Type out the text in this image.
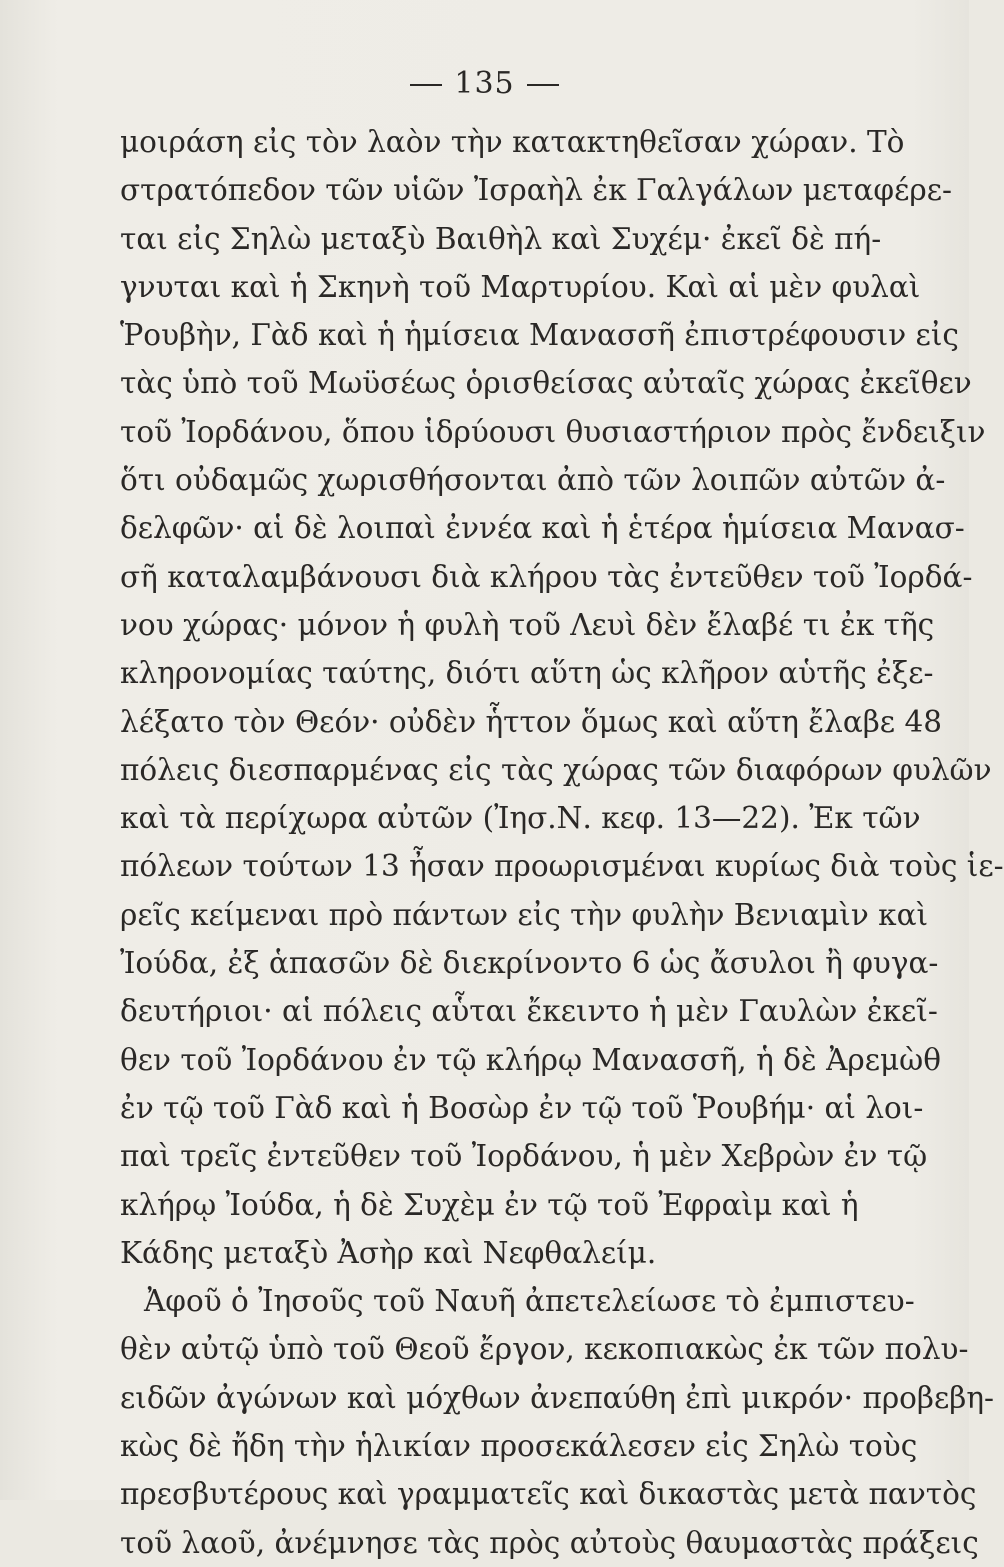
135
μοιράση εἰς τὸν λαὸν τὴν κατακτηθεῖσαν χώραν. Τὸ
στρατόπεδον τῶν υἱῶν Ἰσραὴλ ἐκ Γαλγάλων μεταφέρε-
ται εἰς Σηλὼ μεταξὺ Βαιθὴλ καὶ Συχέμ· ἐκεῖ δὲ πή-
γνυται καὶ ἡ Σκηνὴ τοῦ Μαρτυρίου. Καὶ αἱ μὲν φυλαὶ
Ῥουβὴν, Γὰδ καὶ ἡ ἡμίσεια Μανασσῆ ἐπιστρέφουσιν εἰς
τὰς ὑπὸ τοῦ Μωϋσέως ὁρισθείσας αὐταῖς χώρας ἐκεῖθεν
τοῦ Ἰορδάνου, ὅπου ἱδρύουσι θυσιαστήριον πρὸς ἔνδειξιν
ὅτι οὐδαμῶς χωρισθήσονται ἀπὸ τῶν λοιπῶν αὐτῶν ἀ-
δελφῶν· αἱ δὲ λοιπαὶ ἐννέα καὶ ἡ ἑτέρα ἡμίσεια Μανασ-
σῆ καταλαμβάνουσι διὰ κλήρου τὰς ἐντεῦθεν τοῦ Ἰορδά-
νου χώρας· μόνον ἡ φυλὴ τοῦ Λευὶ δὲν ἔλαβέ τι ἐκ τῆς
κληρονομίας ταύτης, διότι αὕτη ὡς κλῆρον αὑτῆς ἐξε-
λέξατο τὸν Θεόν· οὐδὲν ἧττον ὅμως καὶ αὕτη ἔλαβε 48
πόλεις διεσπαρμένας εἰς τὰς χώρας τῶν διαφόρων φυλῶν
καὶ τὰ περίχωρα αὐτῶν (Ἰησ.Ν. κεφ. 13—22). Ἐκ τῶν
πόλεων τούτων 13 ἦσαν προωρισμέναι κυρίως διὰ τοὺς ἱε-
ρεῖς κείμεναι πρὸ πάντων εἰς τὴν φυλὴν Βενιαμὶν καὶ
Ἰούδα, ἐξ ἁπασῶν δὲ διεκρίνοντο 6 ὡς ἄσυλοι ἢ φυγα-
δευτήριοι· αἱ πόλεις αὗται ἔκειντο ἡ μὲν Γαυλὼν ἐκεῖ-
θεν τοῦ Ἰορδάνου ἐν τῷ κλήρῳ Μανασσῆ, ἡ δὲ Ἀρεμὼθ
ἐν τῷ τοῦ Γὰδ καὶ ἡ Βοσὼρ ἐν τῷ τοῦ Ῥουβήμ· αἱ λοι-
παὶ τρεῖς ἐντεῦθεν τοῦ Ἰορδάνου, ἡ μὲν Χεβρὼν ἐν τῷ
κλήρῳ Ἰούδα, ἡ δὲ Συχὲμ ἐν τῷ τοῦ Ἐφραὶμ καὶ ἡ
Κάδης μεταξὺ Ἀσὴρ καὶ Νεφθαλείμ.
Ἀφοῦ ὁ Ἰησοῦς τοῦ Ναυῆ ἀπετελείωσε τὸ ἐμπιστευ-
θὲν αὐτῷ ὑπὸ τοῦ Θεοῦ ἔργον, κεκοπιακὼς ἐκ τῶν πολυ-
ειδῶν ἀγώνων καὶ μόχθων ἀνεπαύθη ἐπὶ μικρόν· προβεβη-
κὼς δὲ ἤδη τὴν ἡλικίαν προσεκάλεσεν εἰς Σηλὼ τοὺς
πρεσβυτέρους καὶ γραμματεῖς καὶ δικαστὰς μετὰ παντὸς
τοῦ λαοῦ, ἀνέμνησε τὰς πρὸς αὐτοὺς θαυμαστὰς πράξεις
